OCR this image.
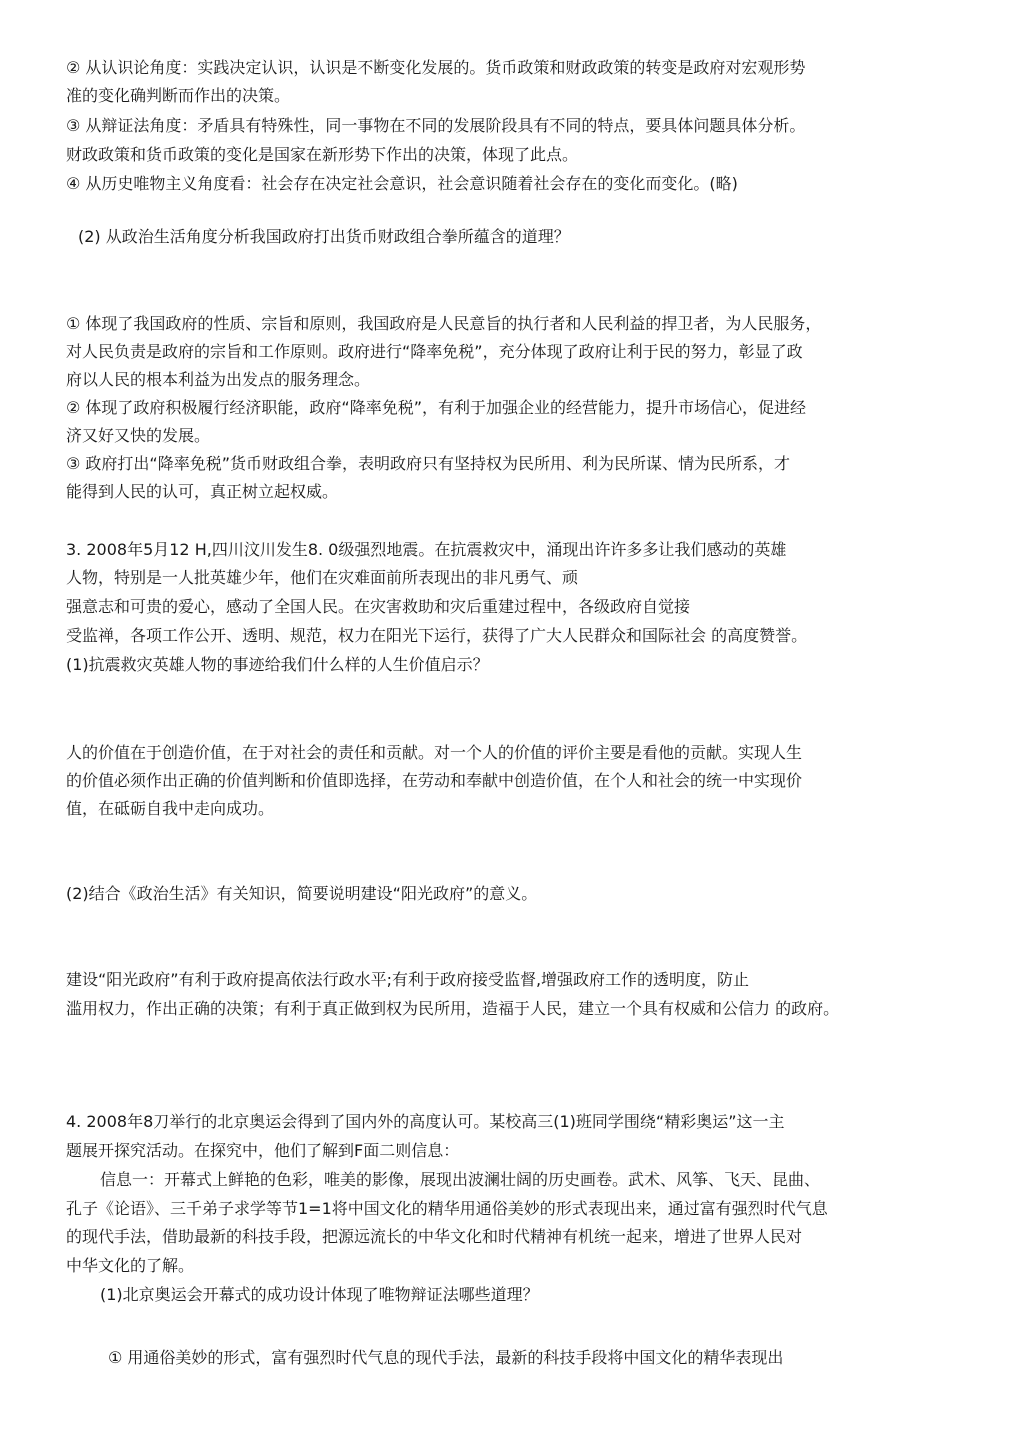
② 从认识论角度：实践决定认识，认识是不断变化发展的。货币政策和财政政策的转变是政府对宏观形势
准的变化确判断而作出的决策。
③ 从辩证法角度：矛盾具有特殊性，同一事物在不同的发展阶段具有不同的特点，要具体问题具体分析。
财政政策和货币政策的变化是国家在新形势下作出的决策，体现了此点。
④ 从历史唯物主义角度看：社会存在决定社会意识，社会意识随着社会存在的变化而变化。(略)
(2) 从政治生活角度分析我国政府打出货币财政组合拳所蕴含的道理？
① 体现了我国政府的性质、宗旨和原则，我国政府是人民意旨的执行者和人民利益的捍卫者，为人民服务，
对人民负责是政府的宗旨和工作原则。政府进行“降率免税”，充分体现了政府让利于民的努力，彰显了政
府以人民的根本利益为出发点的服务理念。
② 体现了政府积极履行经济职能，政府“降率免税”，有利于加强企业的经营能力，提升市场信心，促进经
济又好又快的发展。
③ 政府打出“降率免税”货币财政组合拳，表明政府只有坚持权为民所用、利为民所谋、情为民所系，才
能得到人民的认可，真正树立起权威。
3. 2008年5月12 H,四川汶川发生8. 0级强烈地震。在抗震救灾中，涌现出许许多多让我们感动的英雄
人物，特别是一人批英雄少年，他们在灾难面前所表现出的非凡勇气、顽
强意志和可贵的爱心，感动了全国人民。在灾害救助和灾后重建过程中，各级政府自觉接
受监禅，各项工作公开、透明、规范，权力在阳光下运行，获得了广大人民群众和国际社会 的高度赞誉。
(1)抗震救灾英雄人物的事迹给我们什么样的人生价值启示？
人的价值在于创造价值，在于对社会的责任和贡献。对一个人的价值的评价主要是看他的贡献。实现人生
的价值必须作出正确的价值判断和价值即选择，在劳动和奉献中创造价值，在个人和社会的统一中实现价
值，在砥砺自我中走向成功。
(2)结合《政治生活》有关知识，简要说明建设“阳光政府”的意义。
建设“阳光政府”有利于政府提高依法行政水平;有利于政府接受监督,增强政府工作的透明度，防止
滥用权力，作出正确的决策；有利于真正做到权为民所用，造福于人民，建立一个具有权威和公信力 的政府。
4. 2008年8刀举行的北京奥运会得到了国内外的高度认可。某校高三(1)班同学围绕“精彩奥运”这一主
题展开探究活动。在探究中，他们了解到F面二则信息：
信息一：开幕式上鲜艳的色彩，唯美的影像，展现出波澜壮阔的历史画卷。武术、风筝、飞天、昆曲、
孔子《论语》、三千弟子求学等节1=1将中国文化的精华用通俗美妙的形式表现出来，通过富有强烈时代气息
的现代手法，借助最新的科技手段，把源远流长的中华文化和时代精神有机统一起来，增进了世界人民对
中华文化的了解。
(1)北京奥运会开幕式的成功设计体现了唯物辩证法哪些道理？
① 用通俗美妙的形式，富有强烈时代气息的现代手法，最新的科技手段将中国文化的精华表现出
